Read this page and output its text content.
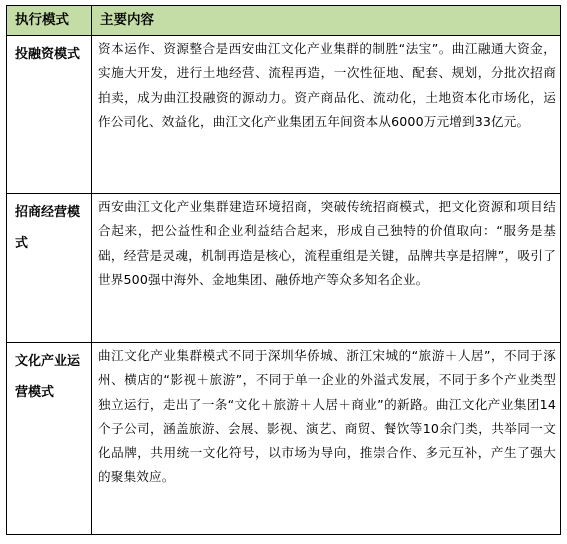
执行模式	主要内容
投融资模式	资本运作、资源整合是西安曲江文化产业集群的制胜“法宝”。曲江融通大资金，实施大开发，进行土地经营、流程再造，一次性征地、配套、规划，分批次招商拍卖，成为曲江投融资的源动力。资产商品化、流动化，土地资本化市场化，运作公司化、效益化，曲江文化产业集团五年间资本从6000万元增到33亿元。
招商经营模式	西安曲江文化产业集群建造环境招商，突破传统招商模式，把文化资源和项目结合起来，把公益性和企业利益结合起来，形成自己独特的价值取向：“服务是基础，经营是灵魂，机制再造是核心，流程重组是关键，品牌共享是招牌”，吸引了世界500强中海外、金地集团、融侨地产等众多知名企业。
文化产业运营模式	曲江文化产业集群模式不同于深圳华侨城、浙江宋城的“旅游＋人居”，不同于涿州、横店的“影视＋旅游”，不同于单一企业的外溢式发展，不同于多个产业类型独立运行，走出了一条“文化＋旅游＋人居＋商业”的新路。曲江文化产业集团14个子公司，涵盖旅游、会展、影视、演艺、商贸、餐饮等10余门类，共举同一文化品牌，共用统一文化符号，以市场为导向，推崇合作、多元互补，产生了强大的聚集效应。
